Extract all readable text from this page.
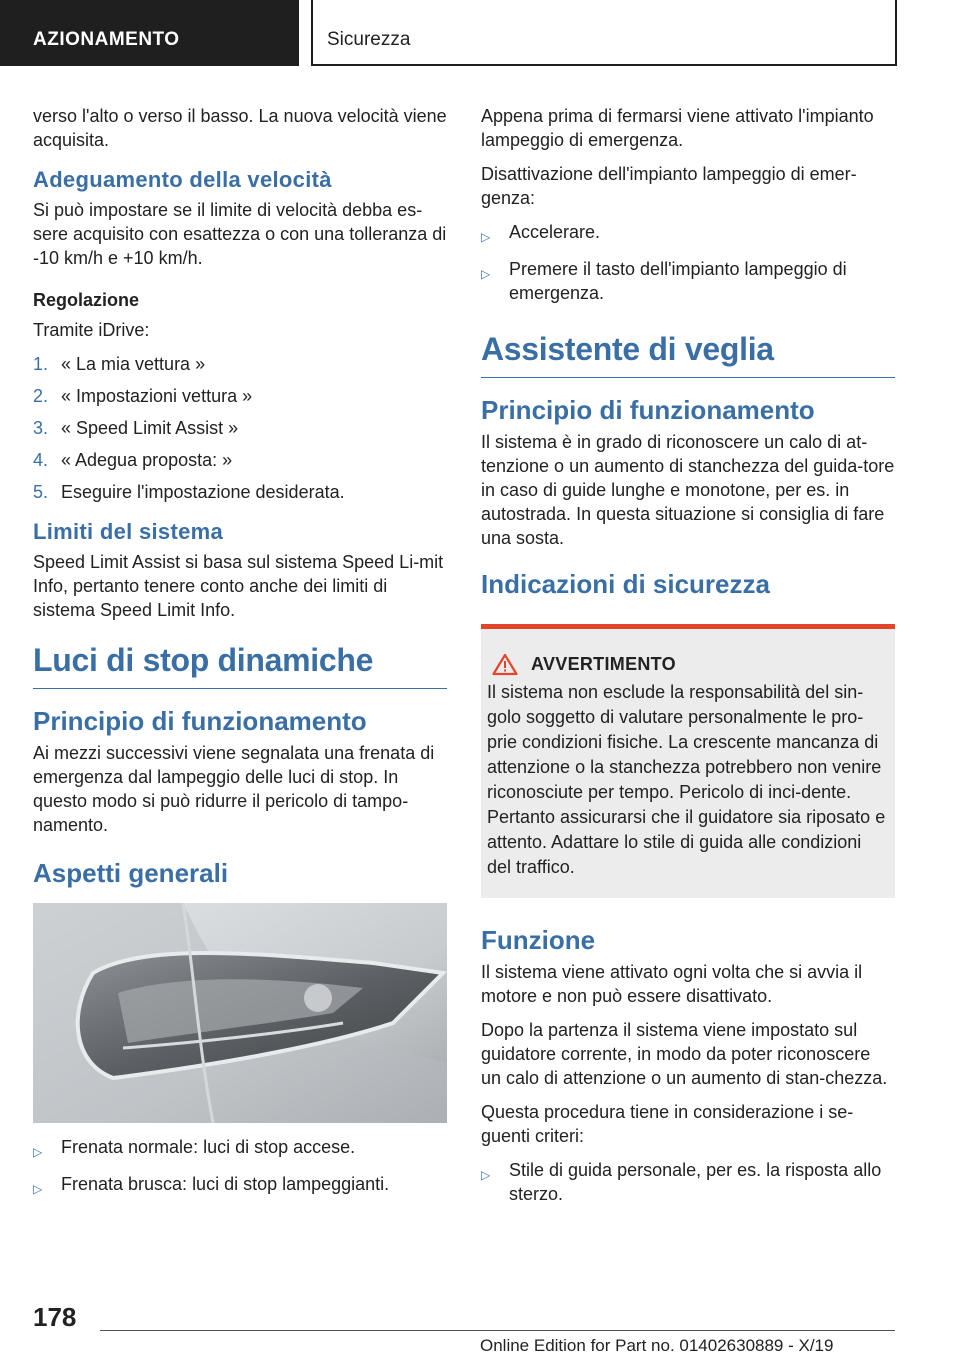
AZIONAMENTO	Sicurezza

verso l'alto o verso il basso. La nuova velocità viene acquisita.

Adeguamento della velocità

Si può impostare se il limite di velocità debba es-sere acquisito con esattezza o con una tolleranza di -10 km/h e +10 km/h.

Regolazione

Tramite iDrive:

1. « La mia vettura »
2. « Impostazioni vettura »
3. « Speed Limit Assist »
4. « Adegua proposta: »
5. Eseguire l'impostazione desiderata.
Limiti del sistema

Speed Limit Assist si basa sul sistema Speed Li-mit Info, pertanto tenere conto anche dei limiti di sistema Speed Limit Info.

Luci di stop dinamiche
Principio di funzionamento

Ai mezzi successivi viene segnalata una frenata di emergenza dal lampeggio delle luci di stop. In questo modo si può ridurre il pericolo di tampo-namento.

Aspetti generali
▷	Frenata normale: luci di stop accese.
▷	Frenata brusca: luci di stop lampeggianti.

Appena prima di fermarsi viene attivato l'impianto lampeggio di emergenza.

Disattivazione dell'impianto lampeggio di emer-genza:

▷	Accelerare.
▷	Premere il tasto dell'impianto lampeggio di emergenza.
Assistente di veglia
Principio di funzionamento

Il sistema è in grado di riconoscere un calo di at-tenzione o un aumento di stanchezza del guida-tore in caso di guide lunghe e monotone, per es. in autostrada. In questa situazione si consiglia di fare una sosta.

Indicazioni di sicurezza
AVVERTIMENTO

Il sistema non esclude la responsabilità del sin-golo soggetto di valutare personalmente le pro-prie condizioni fisiche. La crescente mancanza di attenzione o la stanchezza potrebbero non venire riconosciute per tempo. Pericolo di inci-dente. Pertanto assicurarsi che il guidatore sia riposato e attento. Adattare lo stile di guida alle condizioni del traffico.

Funzione

Il sistema viene attivato ogni volta che si avvia il motore e non può essere disattivato.

Dopo la partenza il sistema viene impostato sul guidatore corrente, in modo da poter riconoscere un calo di attenzione o un aumento di stan-chezza.

Questa procedura tiene in considerazione i se-guenti criteri:

▷	Stile di guida personale, per es. la risposta allo sterzo.
178
Online Edition for Part no. 01402630889 - X/19
